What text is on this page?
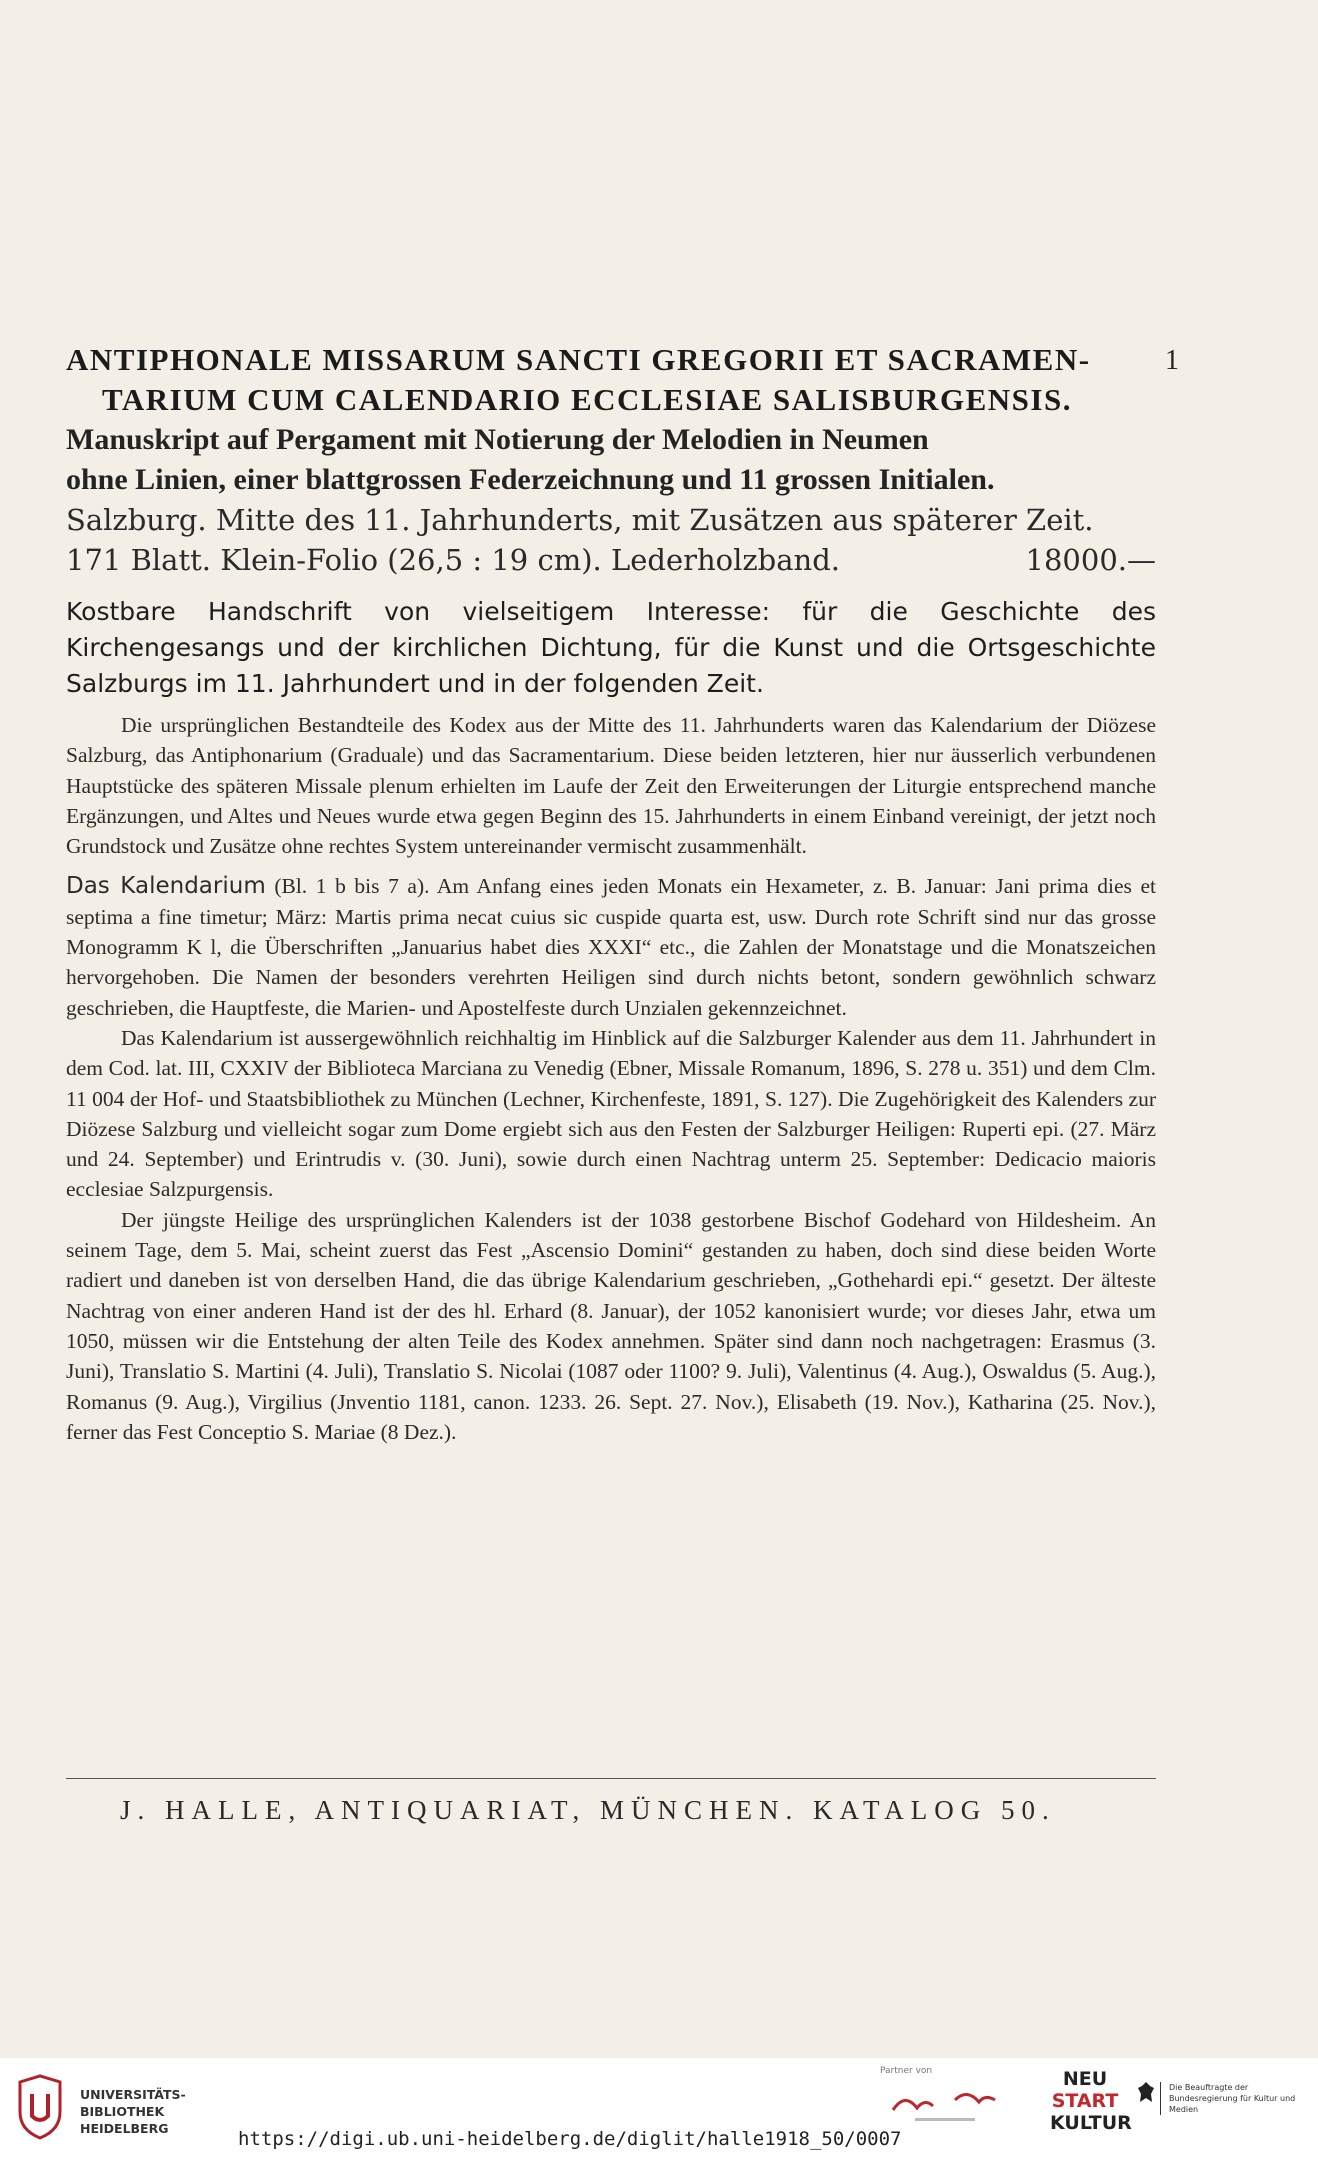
1

ANTIPHONALE MISSARUM SANCTI GREGORII ET SACRAMEN-
TARIUM CUM CALENDARIO ECCLESIAE SALISBURGENSIS.

Manuskript auf Pergament mit Notierung der Melodien in Neumen

ohne Linien, einer blattgrossen Federzeichnung und 11 grossen Initialen.

Salzburg. Mitte des 11. Jahrhunderts, mit Zusätzen aus späterer Zeit.

171 Blatt. Klein-Folio (26,5 : 19 cm). Lederholzband.	18000.—

Kostbare Handschrift von vielseitigem Interesse: für die Geschichte des Kirchengesangs und der kirchlichen Dichtung, für die Kunst und die Ortsgeschichte Salzburgs im 11. Jahrhundert und in der folgenden Zeit.

Die ursprünglichen Bestandteile des Kodex aus der Mitte des 11. Jahrhunderts waren das Kalendarium der Diözese Salzburg, das Antiphonarium (Graduale) und das Sacramentarium. Diese beiden letzteren, hier nur äusserlich verbundenen Hauptstücke des späteren Missale plenum erhielten im Laufe der Zeit den Erweiterungen der Liturgie entsprechend manche Ergänzungen, und Altes und Neues wurde etwa gegen Beginn des 15. Jahrhunderts in einem Einband vereinigt, der jetzt noch Grundstock und Zusätze ohne rechtes System untereinander vermischt zusammenhält.

Das Kalendarium (Bl. 1 b bis 7 a). Am Anfang eines jeden Monats ein Hexameter, z. B. Januar: Jani prima dies et septima a fine timetur; März: Martis prima necat cuius sic cuspide quarta est, usw. Durch rote Schrift sind nur das grosse Monogramm K l, die Überschriften „Januarius habet dies XXXI“ etc., die Zahlen der Monatstage und die Monatszeichen hervorgehoben. Die Namen der besonders verehrten Heiligen sind durch nichts betont, sondern gewöhnlich schwarz geschrieben, die Hauptfeste, die Marien- und Apostelfeste durch Unzialen gekennzeichnet.

Das Kalendarium ist aussergewöhnlich reichhaltig im Hinblick auf die Salzburger Kalender aus dem 11. Jahrhundert in dem Cod. lat. III, CXXIV der Biblioteca Marciana zu Venedig (Ebner, Missale Romanum, 1896, S. 278 u. 351) und dem Clm. 11 004 der Hof- und Staatsbibliothek zu München (Lechner, Kirchenfeste, 1891, S. 127). Die Zugehörigkeit des Kalenders zur Diözese Salzburg und vielleicht sogar zum Dome ergiebt sich aus den Festen der Salzburger Heiligen: Ruperti epi. (27. März und 24. September) und Erintrudis v. (30. Juni), sowie durch einen Nachtrag unterm 25. September: Dedicacio maioris ecclesiae Salzpurgensis.

Der jüngste Heilige des ursprünglichen Kalenders ist der 1038 gestorbene Bischof Godehard von Hildesheim. An seinem Tage, dem 5. Mai, scheint zuerst das Fest „Ascensio Domini“ gestanden zu haben, doch sind diese beiden Worte radiert und daneben ist von derselben Hand, die das übrige Kalendarium geschrieben, „Gothehardi epi.“ gesetzt. Der älteste Nachtrag von einer anderen Hand ist der des hl. Erhard (8. Januar), der 1052 kanonisiert wurde; vor dieses Jahr, etwa um 1050, müssen wir die Entstehung der alten Teile des Kodex annehmen. Später sind dann noch nachgetragen: Erasmus (3. Juni), Translatio S. Martini (4. Juli), Translatio S. Nicolai (1087 oder 1100? 9. Juli), Valentinus (4. Aug.), Oswaldus (5. Aug.), Romanus (9. Aug.), Virgilius (Jnventio 1181, canon. 1233. 26. Sept. 27. Nov.), Elisabeth (19. Nov.), Katharina (25. Nov.), ferner das Fest Conceptio S. Mariae (8 Dez.).

J. HALLE, ANTIQUARIAT, MÜNCHEN. KATALOG 50.
UNIVERSITÄTS-
BIBLIOTHEK
HEIDELBERG	https://digi.ub.uni-heidelberg.de/diglit/halle1918_50/0007
Partner von	NEU
START
KULTUR
Die Beauftragte der Bundesregierung für Kultur und Medien
